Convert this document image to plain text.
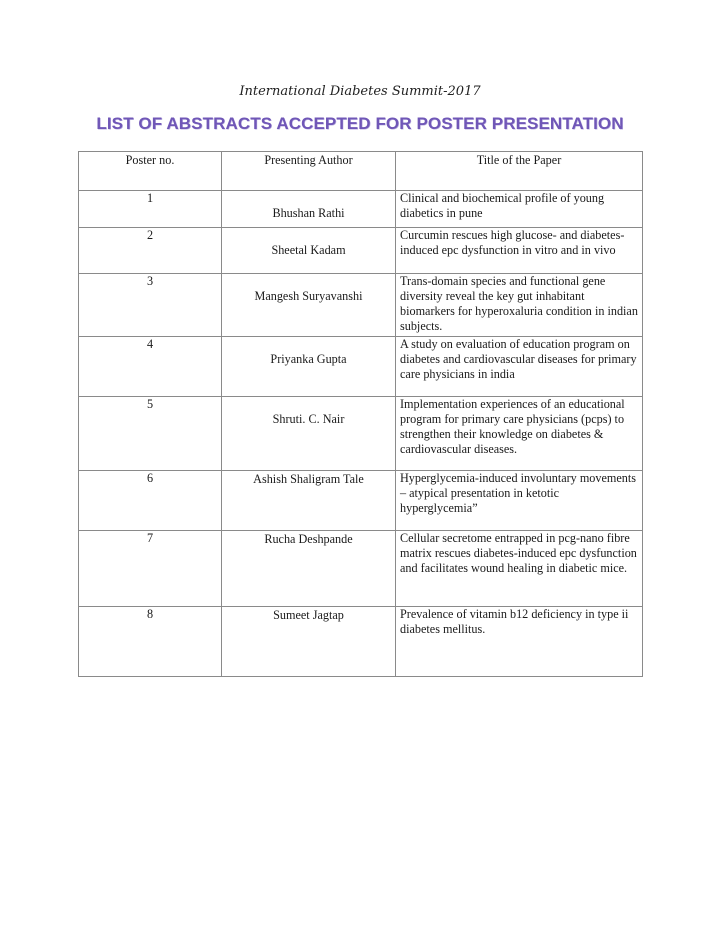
International Diabetes Summit-2017
LIST OF ABSTRACTS ACCEPTED FOR POSTER PRESENTATION
Poster no.	Presenting Author	Title of the Paper
1	Bhushan Rathi	Clinical and biochemical profile of young diabetics in pune
2	Sheetal Kadam	Curcumin rescues high glucose- and diabetes-induced epc dysfunction in vitro and in vivo
3	Mangesh Suryavanshi	Trans-domain species and functional gene diversity reveal the key gut inhabitant biomarkers for hyperoxaluria condition in indian subjects.
4	Priyanka Gupta	A study on evaluation of education program on diabetes and cardiovascular diseases for primary care physicians in india
5	Shruti. C. Nair	Implementation experiences of an educational program for primary care physicians (pcps) to strengthen their knowledge on diabetes & cardiovascular diseases.
6	Ashish Shaligram Tale	Hyperglycemia-induced involuntary movements – atypical presentation in ketotic hyperglycemia”
7	Rucha Deshpande	Cellular secretome entrapped in pcg-nano fibre matrix rescues diabetes-induced epc dysfunction and facilitates wound healing in diabetic mice.
8	Sumeet Jagtap	Prevalence of vitamin b12 deficiency in type ii diabetes mellitus.
